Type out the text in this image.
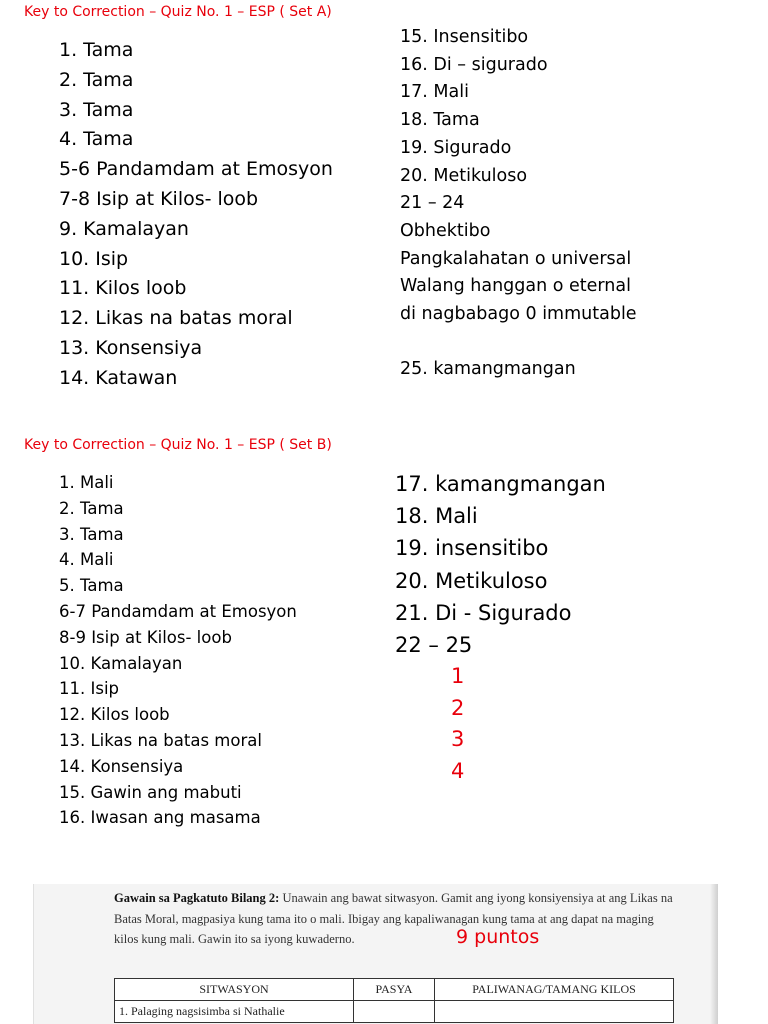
Key to Correction – Quiz No. 1 – ESP ( Set A)
1. Tama
2. Tama
3. Tama
4. Tama
5-6 Pandamdam at Emosyon
7-8 Isip at Kilos- loob
9. Kamalayan
10. Isip
11. Kilos loob
12. Likas na batas moral
13. Konsensiya
14. Katawan
15. Insensitibo
16. Di – sigurado
17. Mali
18. Tama
19. Sigurado
20. Metikuloso
21 – 24
Obhektibo
Pangkalahatan o universal
Walang hanggan o eternal
di nagbabago 0 immutable
25. kamangmangan
Key to Correction – Quiz No. 1 – ESP ( Set B)
1. Mali
2. Tama
3. Tama
4. Mali
5. Tama
6-7 Pandamdam at Emosyon
8-9 Isip at Kilos- loob
10. Kamalayan
11. Isip
12. Kilos loob
13. Likas na batas moral
14. Konsensiya
15. Gawin ang mabuti
16. Iwasan ang masama
17. kamangmangan
18. Mali
19. insensitibo
20. Metikuloso
21. Di - Sigurado
22 – 25
1
2
3
4
Gawain sa Pagkatuto Bilang 2: Unawain ang bawat sitwasyon. Gamit ang iyong konsiyensiya at ang Likas na Batas Moral, magpasiya kung tama ito o mali. Ibigay ang kapaliwanagan kung tama at ang dapat na maging kilos kung mali. Gawin ito sa iyong kuwaderno.
SITWASYON	PASYA	PALIWANAG/TAMANG KILOS
1. Palaging nagsisimba si Nathalie		
9 puntos
